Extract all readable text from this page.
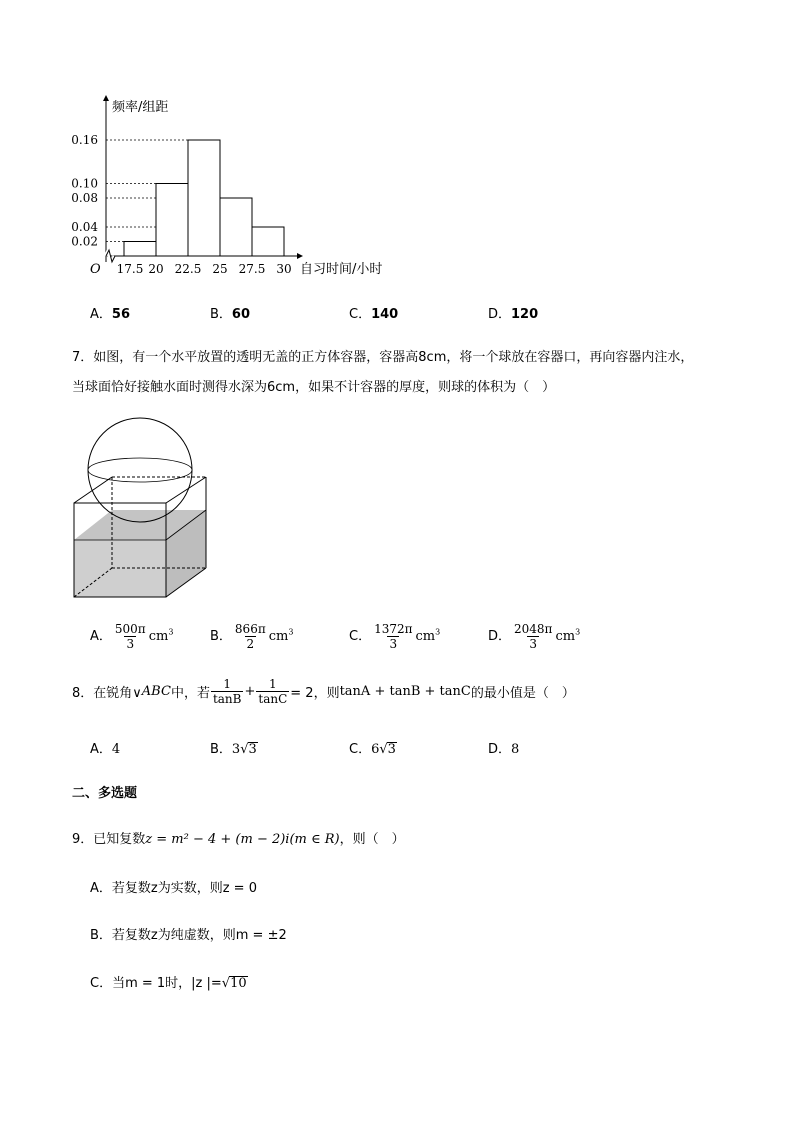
0.16
0.10
0.08
0.04
0.02
17.5 20 22.5 25 27.5 30
频率/组距
自习时间/小时
O
A．56	B．60	C．140	D．120
7．如图，有一个水平放置的透明无盖的正方体容器，容器高8cm，将一个球放在容器口，再向容器内注水，
当球面恰好接触水面时测得水深为6cm，如果不计容器的厚度，则球的体积为（　）
A． $\frac{500\pi}{3} cm^3$	B． $\frac{866\pi}{2} cm^3$	C． $\frac{1372\pi}{3} cm^3$	D． $\frac{2048\pi}{3} cm^3$
8．在锐角∨ ABC 中，若 $\frac{1}{\tan B} + \frac{1}{\tan C} = 2$，则 tanA + tanB + tanC 的最小值是（　）
A．4	B．3√3	C．6√3	D．8
二、多选题
9．已知复数z = m² − 4 + (m − 2)i(m ∈ R)，则（　）
A．若复数z为实数，则z = 0
B．若复数z为纯虚数，则m = ±2
C．当m = 1时，|z |=√10
